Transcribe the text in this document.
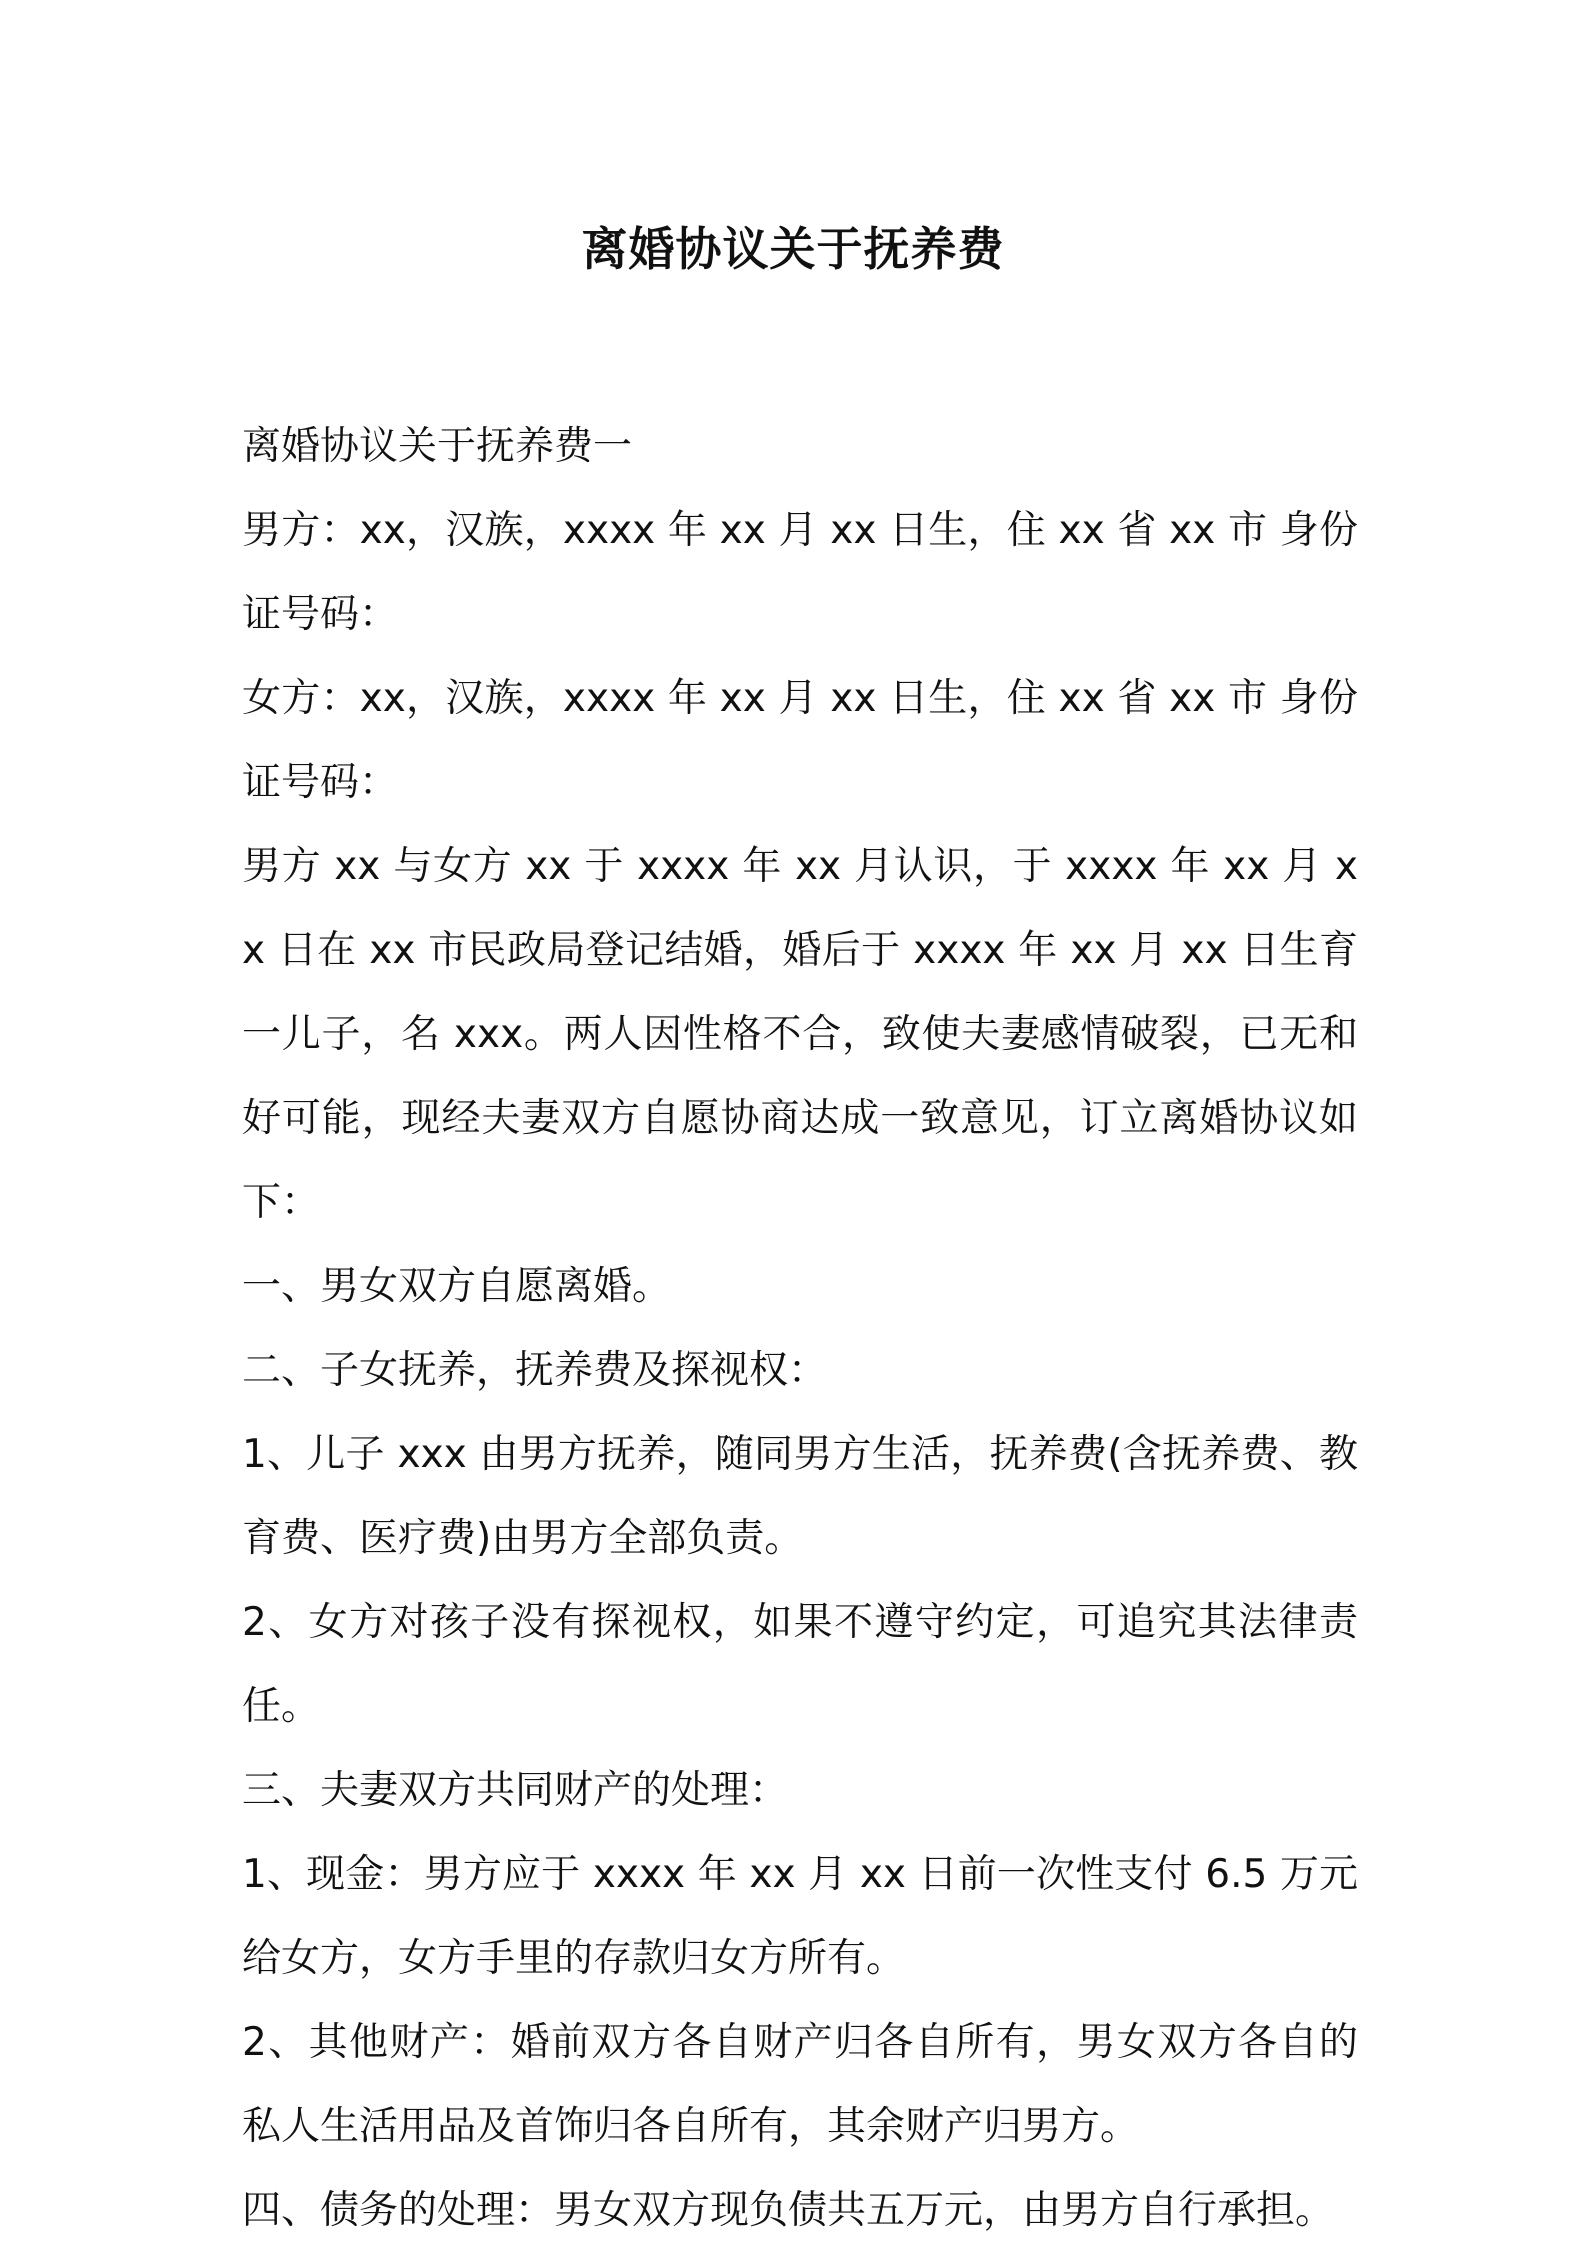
离婚协议关于抚养费

离婚协议关于抚养费一

男方：xx，汉族，xxxx 年 xx 月 xx 日生，住 xx 省 xx 市 身份证号码：

女方：xx，汉族，xxxx 年 xx 月 xx 日生，住 xx 省 xx 市 身份证号码：

男方 xx 与女方 xx 于 xxxx 年 xx 月认识，于 xxxx 年 xx 月 xx 日在 xx 市民政局登记结婚，婚后于 xxxx 年 xx 月 xx 日生育一儿子，名 xxx。两人因性格不合，致使夫妻感情破裂，已无和好可能，现经夫妻双方自愿协商达成一致意见，订立离婚协议如下：

一、男女双方自愿离婚。

二、子女抚养，抚养费及探视权：

1、儿子 xxx 由男方抚养，随同男方生活，抚养费(含抚养费、教育费、医疗费)由男方全部负责。

2、女方对孩子没有探视权，如果不遵守约定，可追究其法律责任。

三、夫妻双方共同财产的处理：

1、现金：男方应于 xxxx 年 xx 月 xx 日前一次性支付 6.5 万元给女方，女方手里的存款归女方所有。

2、其他财产：婚前双方各自财产归各自所有，男女双方各自的私人生活用品及首饰归各自所有，其余财产归男方。

四、债务的处理：男女双方现负债共五万元，由男方自行承担。
